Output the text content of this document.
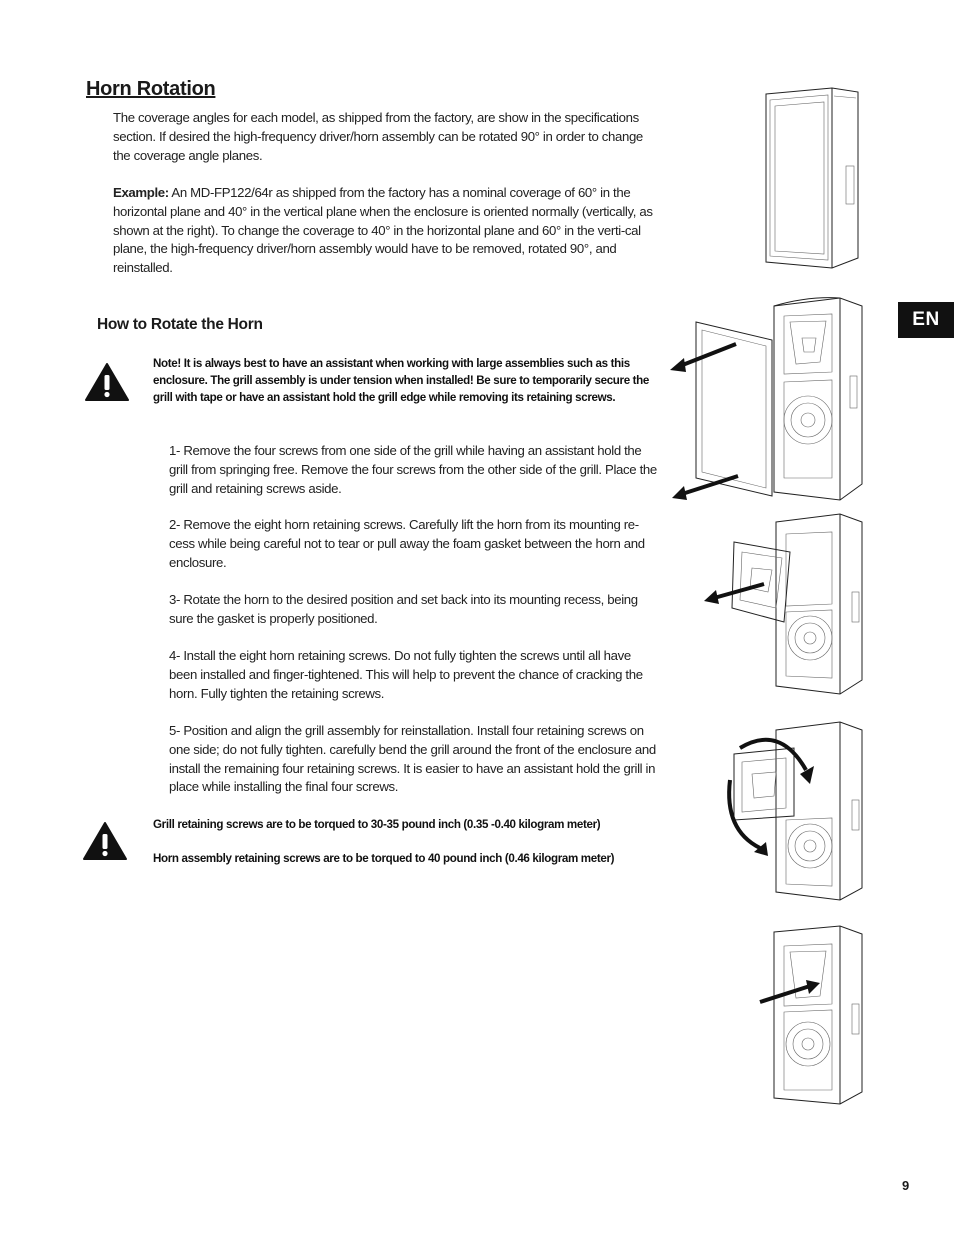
Horn Rotation

The coverage angles for each model, as shipped from the factory, are show in the specifications section. If desired the high-frequency driver/horn assembly can be rotated 90° in order to change the coverage angle planes.

Example: An MD-FP122/64r as shipped from the factory has a nominal coverage of 60° in the horizontal plane and 40° in the vertical plane when the enclosure is oriented normally (vertically, as shown at the right). To change the coverage to 40° in the horizontal plane and 60° in the verti-cal plane, the high-frequency driver/horn assembly would have to be removed, rotated 90°, and reinstalled.

How to Rotate the Horn

Note! It is always best to have an assistant when working with large assemblies such as this enclosure. The grill assembly is under tension when installed! Be sure to temporarily secure the grill with tape or have an assistant hold the grill edge while removing its retaining screws.

1- Remove the four screws from one side of the grill while having an assistant hold the grill from springing free. Remove the four screws from the other side of the grill. Place the grill and retaining screws aside.

2- Remove the eight horn retaining screws. Carefully lift the horn from its mounting re-cess while being careful not to tear or pull away the foam gasket between the horn and enclosure.

3- Rotate the horn to the desired position and set back into its mounting recess, being sure the gasket is properly positioned.

4- Install the eight horn retaining screws. Do not fully tighten the screws until all have been installed and finger-tightened. This will help to prevent the chance of cracking the horn. Fully tighten the retaining screws.

5- Position and align the grill assembly for reinstallation. Install four retaining screws on one side; do not fully tighten. carefully bend the grill around the front of the enclosure and install the remaining four retaining screws. It is easier to have an assistant hold the grill in place while installing the final four screws.

Grill retaining screws are to be torqued to 30-35 pound inch (0.35 -0.40 kilogram meter)

Horn assembly retaining screws are to be torqued to 40 pound inch (0.46 kilogram meter)

EN
9
